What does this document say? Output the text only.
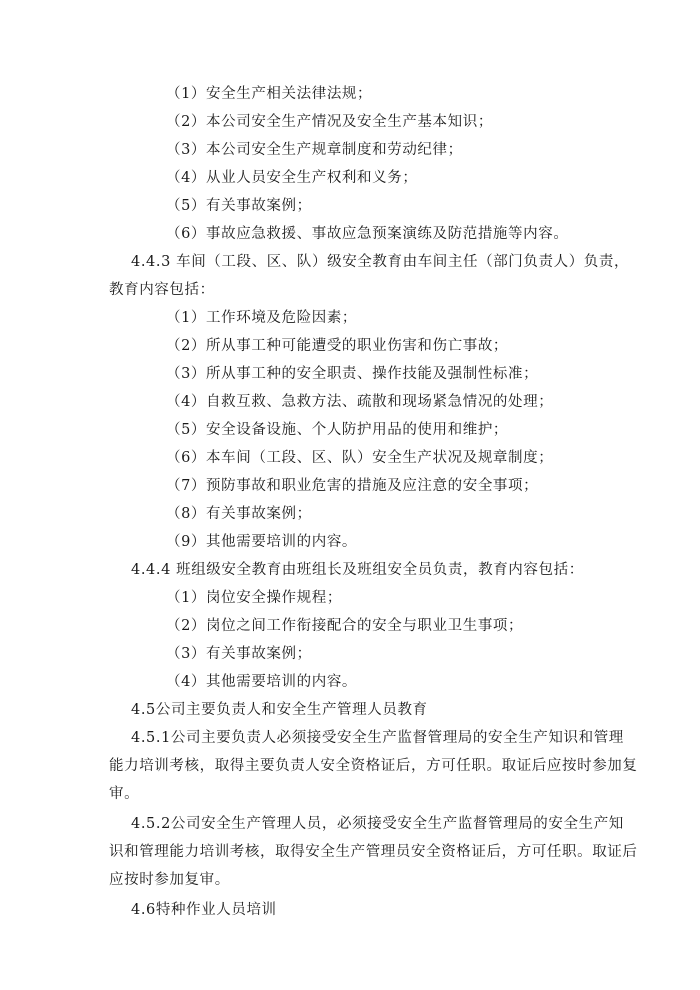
（1）安全生产相关法律法规；
（2）本公司安全生产情况及安全生产基本知识；
（3）本公司安全生产规章制度和劳动纪律；
（4）从业人员安全生产权利和义务；
（5）有关事故案例；
（6）事故应急救援、事故应急预案演练及防范措施等内容。
4.4.3 车间（工段、区、队）级安全教育由车间主任（部门负责人）负责，
教育内容包括：
（1）工作环境及危险因素；
（2）所从事工种可能遭受的职业伤害和伤亡事故；
（3）所从事工种的安全职责、操作技能及强制性标准；
（4）自救互救、急救方法、疏散和现场紧急情况的处理；
（5）安全设备设施、个人防护用品的使用和维护；
（6）本车间（工段、区、队）安全生产状况及规章制度；
（7）预防事故和职业危害的措施及应注意的安全事项；
（8）有关事故案例；
（9）其他需要培训的内容。
4.4.4 班组级安全教育由班组长及班组安全员负责，教育内容包括：
（1）岗位安全操作规程；
（2）岗位之间工作衔接配合的安全与职业卫生事项；
（3）有关事故案例；
（4）其他需要培训的内容。
4.5公司主要负责人和安全生产管理人员教育
4.5.1公司主要负责人必须接受安全生产监督管理局的安全生产知识和管理
能力培训考核，取得主要负责人安全资格证后，方可任职。取证后应按时参加复
审。
4.5.2公司安全生产管理人员，必须接受安全生产监督管理局的安全生产知
识和管理能力培训考核，取得安全生产管理员安全资格证后，方可任职。取证后
应按时参加复审。
4.6特种作业人员培训
